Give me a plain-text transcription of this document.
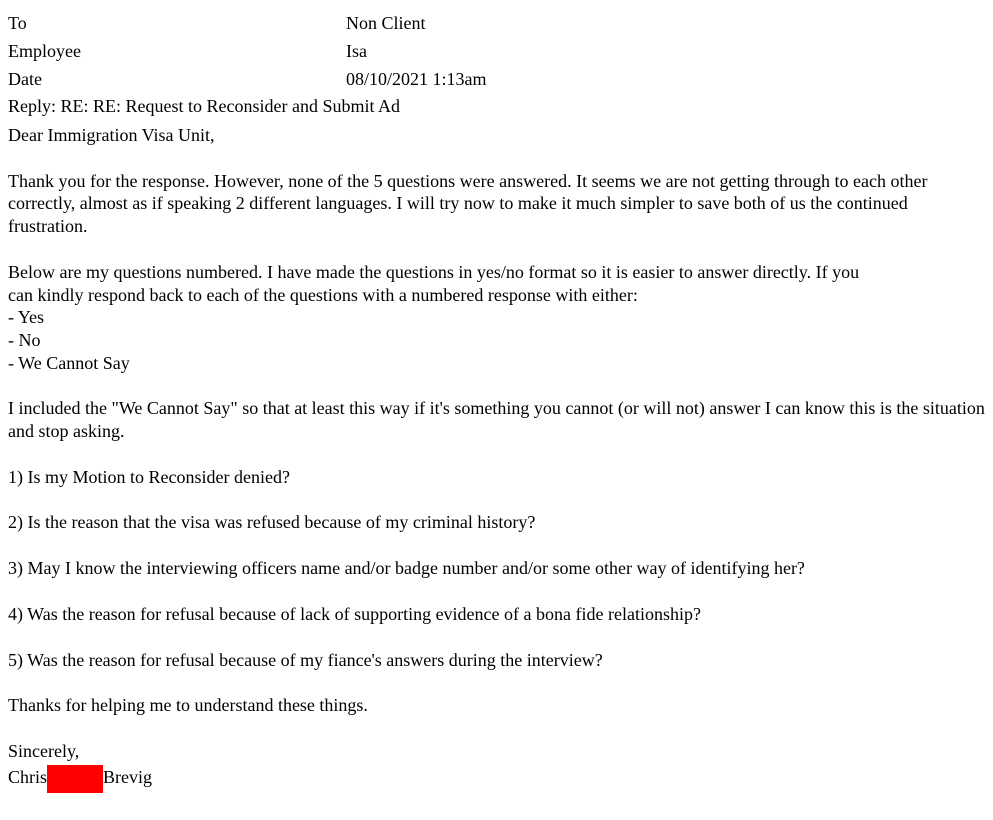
To	Non Client
Employee	Isa
Date	08/10/2021 1:13am
Reply: RE: RE: Request to Reconsider and Submit Ad
Dear Immigration Visa Unit,

Thank you for the response. However, none of the 5 questions were answered. It seems we are not getting through to each other correctly, almost as if speaking 2 different languages. I will try now to make it much simpler to save both of us the continued frustration.

Below are my questions numbered. I have made the questions in yes/no format so it is easier to answer directly. If you
can kindly respond back to each of the questions with a numbered response with either:
- Yes
- No
- We Cannot Say

I included the "We Cannot Say" so that at least this way if it's something you cannot (or will not) answer I can know this is the situation and stop asking.

1) Is my Motion to Reconsider denied?
2) Is the reason that the visa was refused because of my criminal history?
3) May I know the interviewing officers name and/or badge number and/or some other way of identifying her?
4) Was the reason for refusal because of lack of supporting evidence of a bona fide relationship?
5) Was the reason for refusal because of my fiance's answers during the interview?
Thanks for helping me to understand these things.
Sincerely,
Chris	Brevig
